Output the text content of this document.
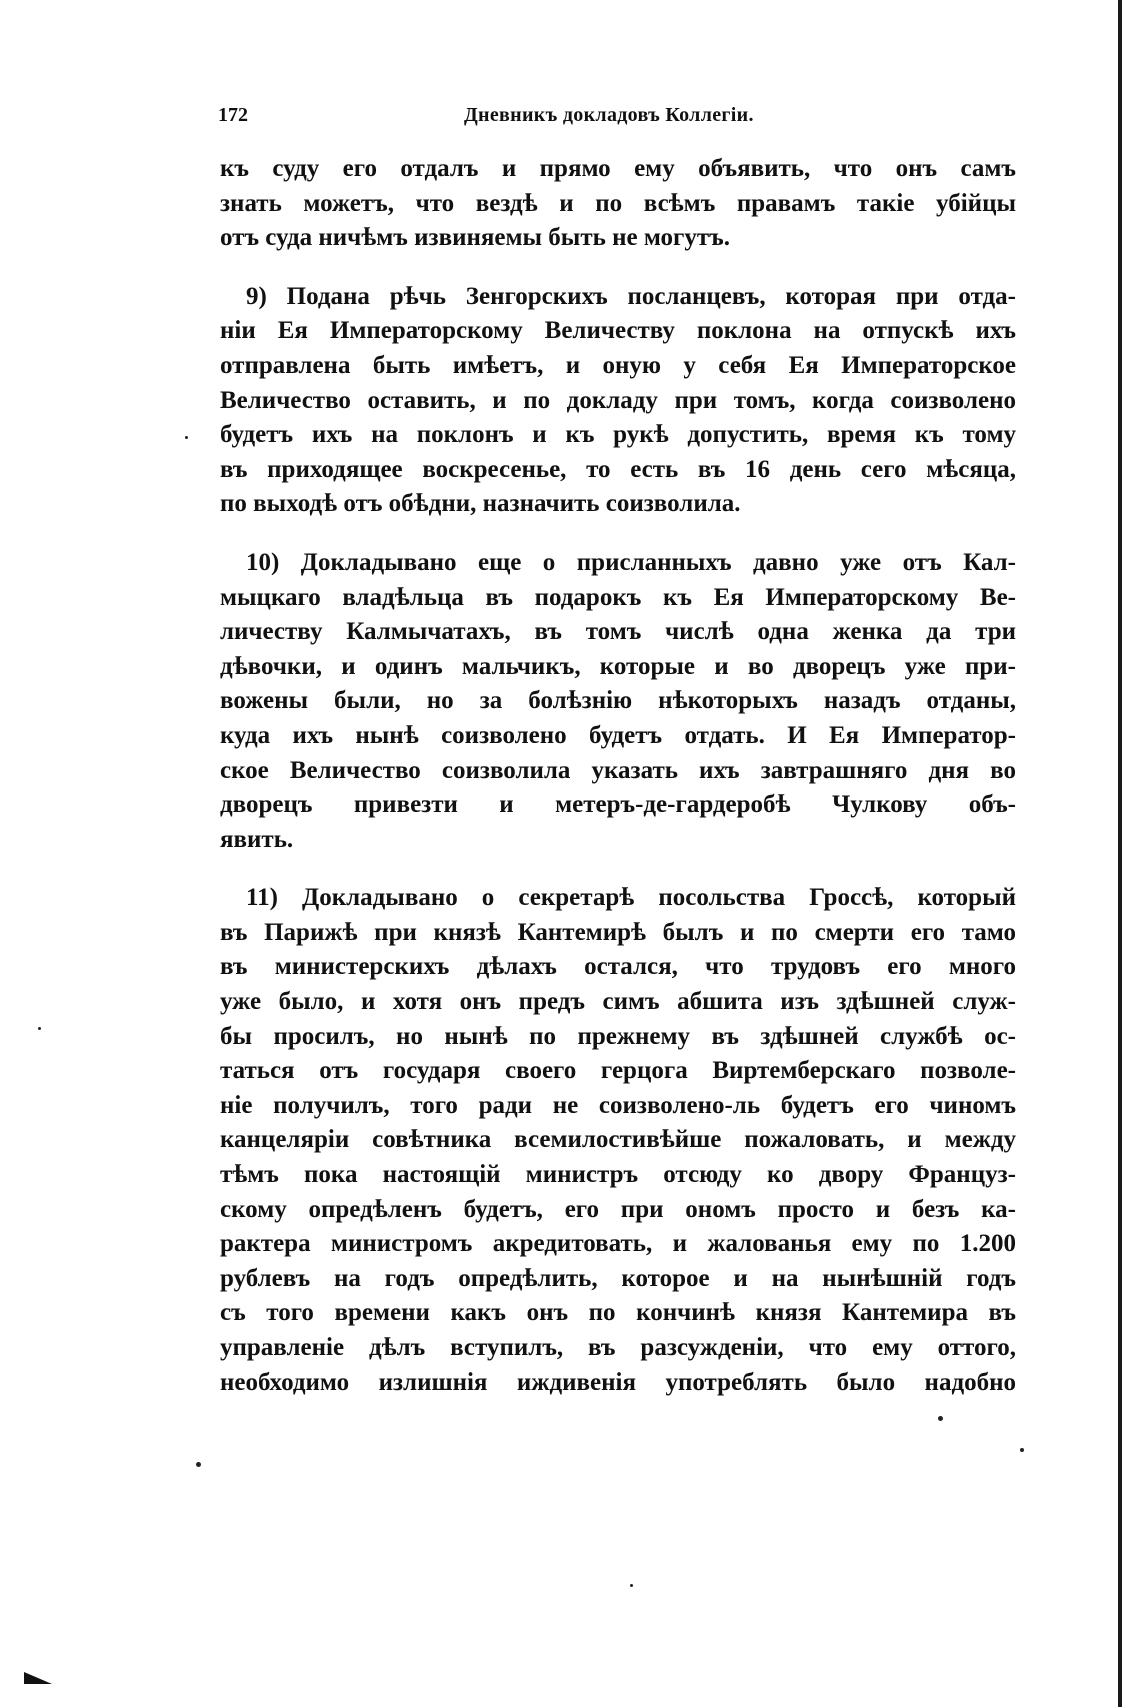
172	Дневникъ докладовъ Коллегіи.

къ суду его отдалъ и прямо ему объявить, что онъ самъ
знать можетъ, что вездѣ и по всѣмъ правамъ такіе убійцы
отъ суда ничѣмъ извиняемы быть не могутъ.

9) Подана рѣчь Зенгорскихъ посланцевъ, которая при отда-
ніи Ея Императорскому Величеству поклона на отпускѣ ихъ
отправлена быть имѣетъ, и оную у себя Ея Императорское
Величество оставить, и по докладу при томъ, когда соизволено
будетъ ихъ на поклонъ и къ рукѣ допустить, время къ тому
въ приходящее воскресенье, то есть въ 16 день сего мѣсяца,
по выходѣ отъ обѣдни, назначить соизволила.

10) Докладывано еще о присланныхъ давно уже отъ Кал-
мыцкаго владѣльца въ подарокъ къ Ея Императорскому Ве-
личеству Калмычатахъ, въ томъ числѣ одна женка да три
дѣвочки, и одинъ мальчикъ, которые и во дворецъ уже при-
вожены были, но за болѣзнію нѣкоторыхъ назадъ отданы,
куда ихъ нынѣ соизволено будетъ отдать. И Ея Император-
ское Величество соизволила указать ихъ завтрашняго дня во
дворецъ привезти и метеръ-де-гардеробѣ Чулкову объ-
явить.

11) Докладывано о секретарѣ посольства Гроссѣ, который
въ Парижѣ при князѣ Кантемирѣ былъ и по смерти его тамо
въ министерскихъ дѣлахъ остался, что трудовъ его много
уже было, и хотя онъ предъ симъ абшита изъ здѣшней служ-
бы просилъ, но нынѣ по прежнему въ здѣшней службѣ ос-
таться отъ государя своего герцога Виртемберскаго позволе-
ніе получилъ, того ради не соизволено-ль будетъ его чиномъ
канцеляріи совѣтника всемилостивѣйше пожаловать, и между
тѣмъ пока настоящій министръ отсюду ко двору Француз-
скому опредѣленъ будетъ, его при ономъ просто и безъ ка-
рактера министромъ акредитовать, и жалованья ему по 1.200
рублевъ на годъ опредѣлить, которое и на нынѣшній годъ
съ того времени какъ онъ по кончинѣ князя Кантемира въ
управленіе дѣлъ вступилъ, въ разсужденіи, что ему оттого,
необходимо излишнія иждивенія употреблять было надобно
